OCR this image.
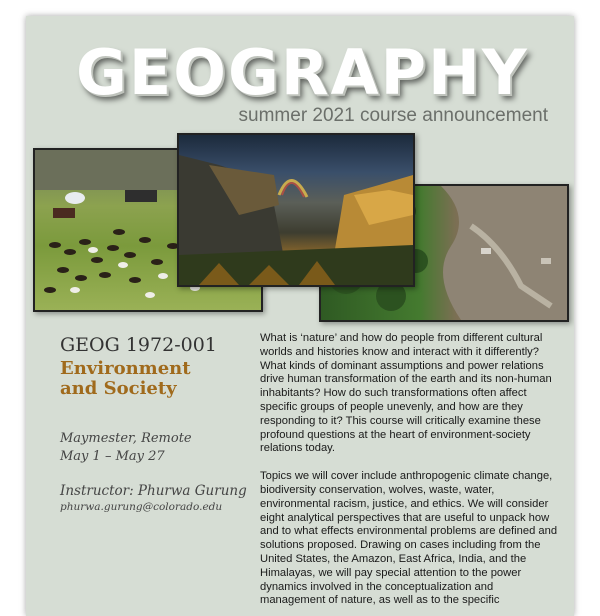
GEOGRAPHY
summer 2021 course announcement
GEOG 1972-001
Environment
and Society
Maymester, Remote
May 1 – May 27
Instructor: Phurwa Gurung
phurwa.gurung@colorado.edu

What is ‘nature’ and how do people from different cultural worlds and histories know and interact with it differently? What kinds of dominant assumptions and power relations drive human transformation of the earth and its non-human inhabitants? How do such transformations often affect specific groups of people unevenly, and how are they responding to it? This course will critically examine these profound questions at the heart of environment-society relations today.

Topics we will cover include anthropogenic climate change, biodiversity conservation, wolves, waste, water, environmental racism, justice, and ethics. We will consider eight analytical perspectives that are useful to unpack how and to what effects environmental problems are defined and solutions proposed. Drawing on cases including from the United States, the Amazon, East Africa, India, and the Himalayas, we will pay special attention to the power dynamics involved in the conceptualization and management of nature, as well as to the specific
